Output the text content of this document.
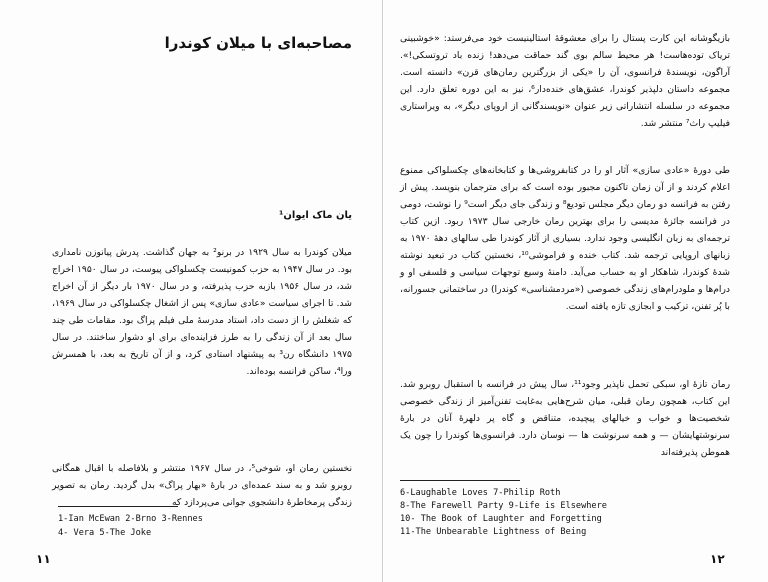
مصاحبه‌ای با میلان کوندرا
یان ماک ایوان¹

میلان کوندرا به سال ۱۹۲۹ در برنو² به جهان گذاشت. پدرش پیانوزن نامداری بود. در سال ۱۹۴۷ به حزب کمونیست چکسلواکی پیوست، در سال ۱۹۵۰ اخراج شد، در سال ۱۹۵۶ بازبه حزب پذیرفته، و در سال ۱۹۷۰ بار دیگر از آن اخراج شد. تا اجرای سیاست «عادی سازی» پس از اشغال چکسلواکی در سال ۱۹۶۹، که شغلش را از دست داد، استاد مدرسهٔ ملی فیلم پراگ بود. مقامات طی چند سال بعد از آن زندگی را به طرز فزاینده‌ای برای او دشوار ساختند. در سال ۱۹۷۵ دانشگاه رن³ به پیشنهاد استادی کرد، و از آن تاریخ به بعد، با همسرش ورا⁴، ساکن فرانسه بوده‌اند.

نخستین رمان او، شوخی⁵، در سال ۱۹۶۷ منتشر و بلافاصله با اقبال همگانی روبرو شد و به سند عمده‌ای در بارهٔ «بهار پراگ» بدل گردید. رمان به تصویر زندگی پرمخاطرهٔ دانشجوی جوانی می‌پردازد که

1-Ian McEwan 2-Brno 3-Rennes

4- Vera 5-The Joke

۱۱

بازیگوشانه این کارت پستال را برای معشوقهٔ استالینیست خود می‌فرستد: «خوشبینی تریاک توده‌هاست! هر محیط سالم بوی گند حماقت می‌دهد! زنده باد تروتسکی!». آراگون، نویسندهٔ فرانسوی، آن را «یکی از بزرگترین رمان‌های قرن» دانسته است. مجموعه داستان دلپذیر کوندرا، عشق‌های خنده‌دار⁶، نیز به این دوره تعلق دارد. این مجموعه در سلسله انتشاراتی زیر عنوان «نویسندگانی از اروپای دیگر»، به ویراستاری فیلیپ راث⁷ منتشر شد.

طی دورهٔ «عادی سازی» آثار او را در کتابفروشی‌ها و کتابخانه‌های چکسلواکی ممنوع اعلام کردند و از آن زمان تاکنون مجبور بوده است که برای مترجمان بنویسد. پیش از رفتن به فرانسه دو رمان دیگر مجلس تودیع⁸ و زندگی جای دیگر است⁹ را نوشت، دومی در فرانسه جائزهٔ مدیسی را برای بهترین رمان خارجی سال ۱۹۷۳ ربود. ازین کتاب ترجمه‌ای به زبان انگلیسی وجود ندارد. بسیاری از آثار کوندرا طی سالهای دههٔ ۱۹۷۰ به زبانهای اروپایی ترجمه شد. کتاب خنده و فراموشی¹⁰، نخستین کتاب در تبعید نوشته شدهٔ کوندرا، شاهکار او به حساب می‌آید. دامنهٔ وسیع توجهات سیاسی و فلسفی او و درام‌ها و ملودرام‌های زندگی خصوصی («مردمشناسی» کوندرا) در ساختمانی جسورانه، با پُر تفنن، ترکیب و ابجازی تازه یافته است.

رمان تازهٔ او، سبکی تحمل ناپذیر وجود¹¹، سال پیش در فرانسه با استقبال روبرو شد. این کتاب، همچون رمان قبلی، میان شرح‌هایی به‌غایت تفنن‌آمیز از زندگی خصوصی شخصیت‌ها و خواب و خیالهای پیچیده، متناقض و گاه پر دلهرهٔ آنان در بارهٔ سرنوشتهایشان — و همه سرنوشت ها — نوسان دارد. فرانسوی‌ها کوندرا را چون یک هموطن پذیرفته‌اند

6-Laughable Loves 7-Philip Roth

8-The Farewell Party 9-Life is Elsewhere

10- The Book of Laughter and Forgetting

11-The Unbearable Lightness of Being

۱۲
